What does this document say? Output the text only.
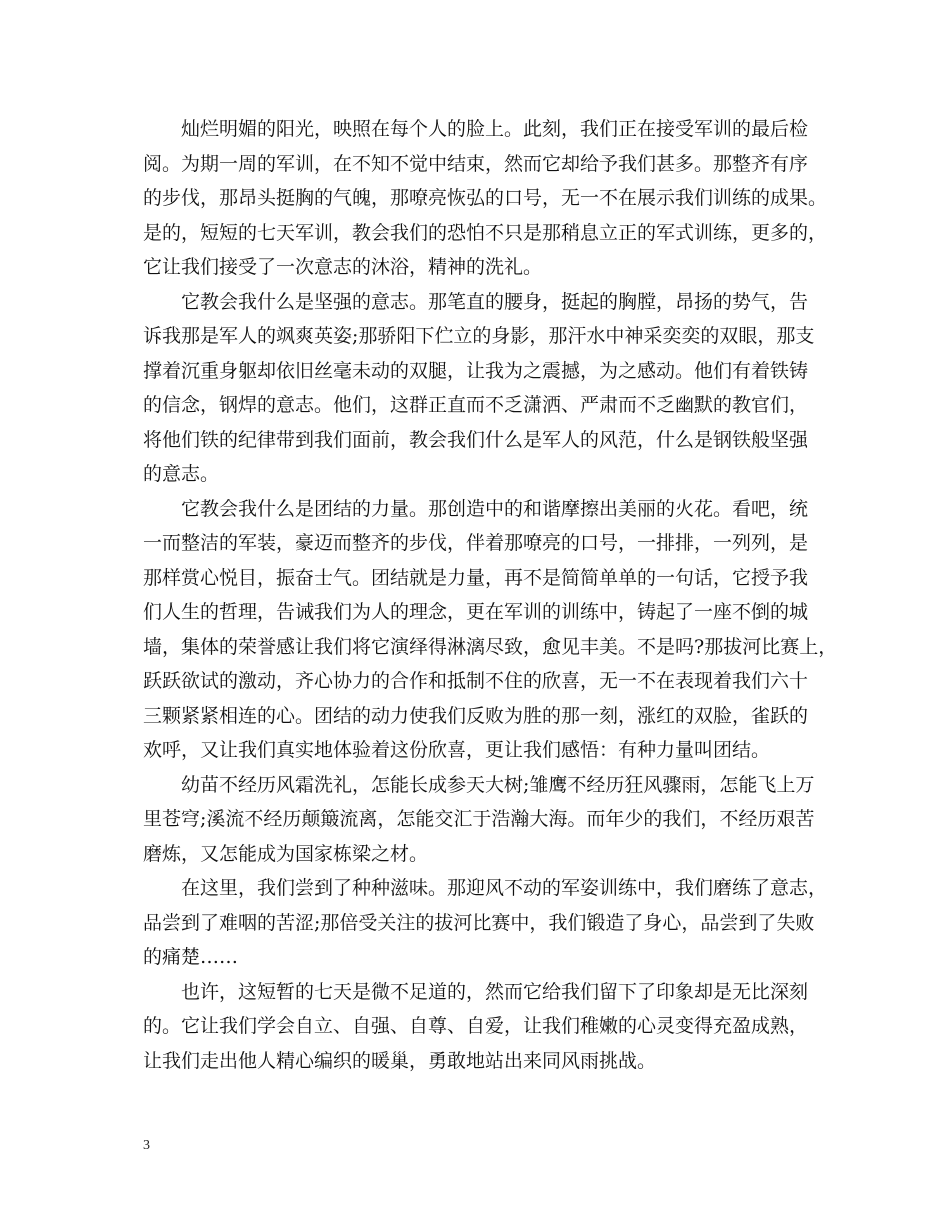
灿烂明媚的阳光，映照在每个人的脸上。此刻，我们正在接受军训的最后检
阅。为期一周的军训，在不知不觉中结束，然而它却给予我们甚多。那整齐有序
的步伐，那昂头挺胸的气魄，那嘹亮恢弘的口号，无一不在展示我们训练的成果。
是的，短短的七天军训，教会我们的恐怕不只是那稍息立正的军式训练，更多的，
它让我们接受了一次意志的沐浴，精神的洗礼。

它教会我什么是坚强的意志。那笔直的腰身，挺起的胸膛，昂扬的势气，告
诉我那是军人的飒爽英姿;那骄阳下伫立的身影，那汗水中神采奕奕的双眼，那支
撑着沉重身躯却依旧丝毫未动的双腿，让我为之震撼，为之感动。他们有着铁铸
的信念，钢焊的意志。他们，这群正直而不乏潇洒、严肃而不乏幽默的教官们，
将他们铁的纪律带到我们面前，教会我们什么是军人的风范，什么是钢铁般坚强
的意志。

它教会我什么是团结的力量。那创造中的和谐摩擦出美丽的火花。看吧，统
一而整洁的军装，豪迈而整齐的步伐，伴着那嘹亮的口号，一排排，一列列，是
那样赏心悦目，振奋士气。团结就是力量，再不是简简单单的一句话，它授予我
们人生的哲理，告诫我们为人的理念，更在军训的训练中，铸起了一座不倒的城
墙，集体的荣誉感让我们将它演绎得淋漓尽致，愈见丰美。不是吗?那拔河比赛上，
跃跃欲试的激动，齐心协力的合作和抵制不住的欣喜，无一不在表现着我们六十
三颗紧紧相连的心。团结的动力使我们反败为胜的那一刻，涨红的双脸，雀跃的
欢呼，又让我们真实地体验着这份欣喜，更让我们感悟：有种力量叫团结。

幼苗不经历风霜洗礼，怎能长成参天大树;雏鹰不经历狂风骤雨，怎能飞上万
里苍穹;溪流不经历颠簸流离，怎能交汇于浩瀚大海。而年少的我们，不经历艰苦
磨炼，又怎能成为国家栋梁之材。

在这里，我们尝到了种种滋味。那迎风不动的军姿训练中，我们磨练了意志，
品尝到了难咽的苦涩;那倍受关注的拔河比赛中，我们锻造了身心，品尝到了失败
的痛楚……

也许，这短暂的七天是微不足道的，然而它给我们留下了印象却是无比深刻
的。它让我们学会自立、自强、自尊、自爱，让我们稚嫩的心灵变得充盈成熟，
让我们走出他人精心编织的暖巢，勇敢地站出来同风雨挑战。

3
